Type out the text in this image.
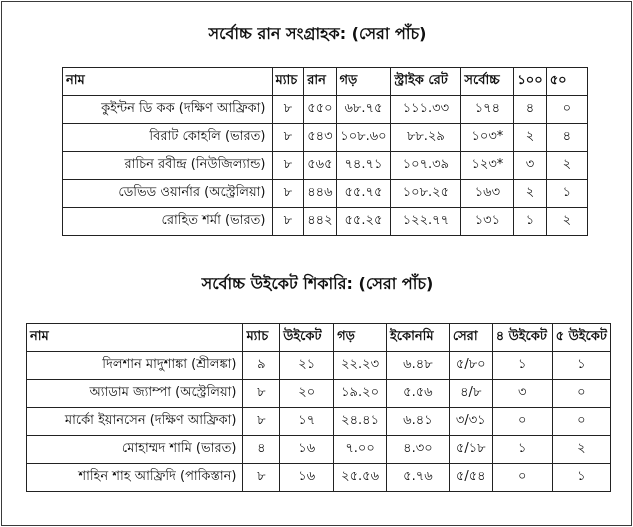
সর্বোচ্চ রান সংগ্রাহক: (সেরা পাঁচ)
নাম	ম্যাচ	রান	গড়	স্ট্রাইক রেট	সর্বোচ্চ	১০০	৫০
কুইন্টন ডি কক (দক্ষিণ আফ্রিকা)	৮	৫৫০	৬৮.৭৫	১১১.৩৩	১৭৪	৪	০
বিরাট কোহলি (ভারত)	৮	৫৪৩	১০৮.৬০	৮৮.২৯	১০৩*	২	৪
রাচিন রবীন্দ্র (নিউজিল্যান্ড)	৮	৫৬৫	৭৪.৭১	১০৭.৩৯	১২৩*	৩	২
ডেভিড ওয়ার্নার (অস্ট্রেলিয়া)	৮	৪৪৬	৫৫.৭৫	১০৮.২৫	১৬৩	২	১
রোহিত শর্মা (ভারত)	৮	৪৪২	৫৫.২৫	১২২.৭৭	১৩১	১	২
সর্বোচ্চ উইকেট শিকারি: (সেরা পাঁচ)
নাম	ম্যাচ	উইকেট	গড়	ইকোনমি	সেরা	৪ উইকেট	৫ উইকেট
দিলশান মাদুশাঙ্কা (শ্রীলঙ্কা)	৯	২১	২২.২৩	৬.৪৮	৫/৮০	১	১
অ্যাডাম জ্যাম্পা (অস্ট্রেলিয়া)	৮	২০	১৯.২০	৫.৫৬	৪/৮	৩	০
মার্কো ইয়ানসেন (দক্ষিণ আফ্রিকা)	৮	১৭	২৪.৪১	৬.৪১	৩/৩১	০	০
মোহাম্মদ শামি (ভারত)	৪	১৬	৭.০০	৪.৩০	৫/১৮	১	২
শাহিন শাহ আফ্রিদি (পাকিস্তান)	৮	১৬	২৫.৫৬	৫.৭৬	৫/৫৪	০	১
